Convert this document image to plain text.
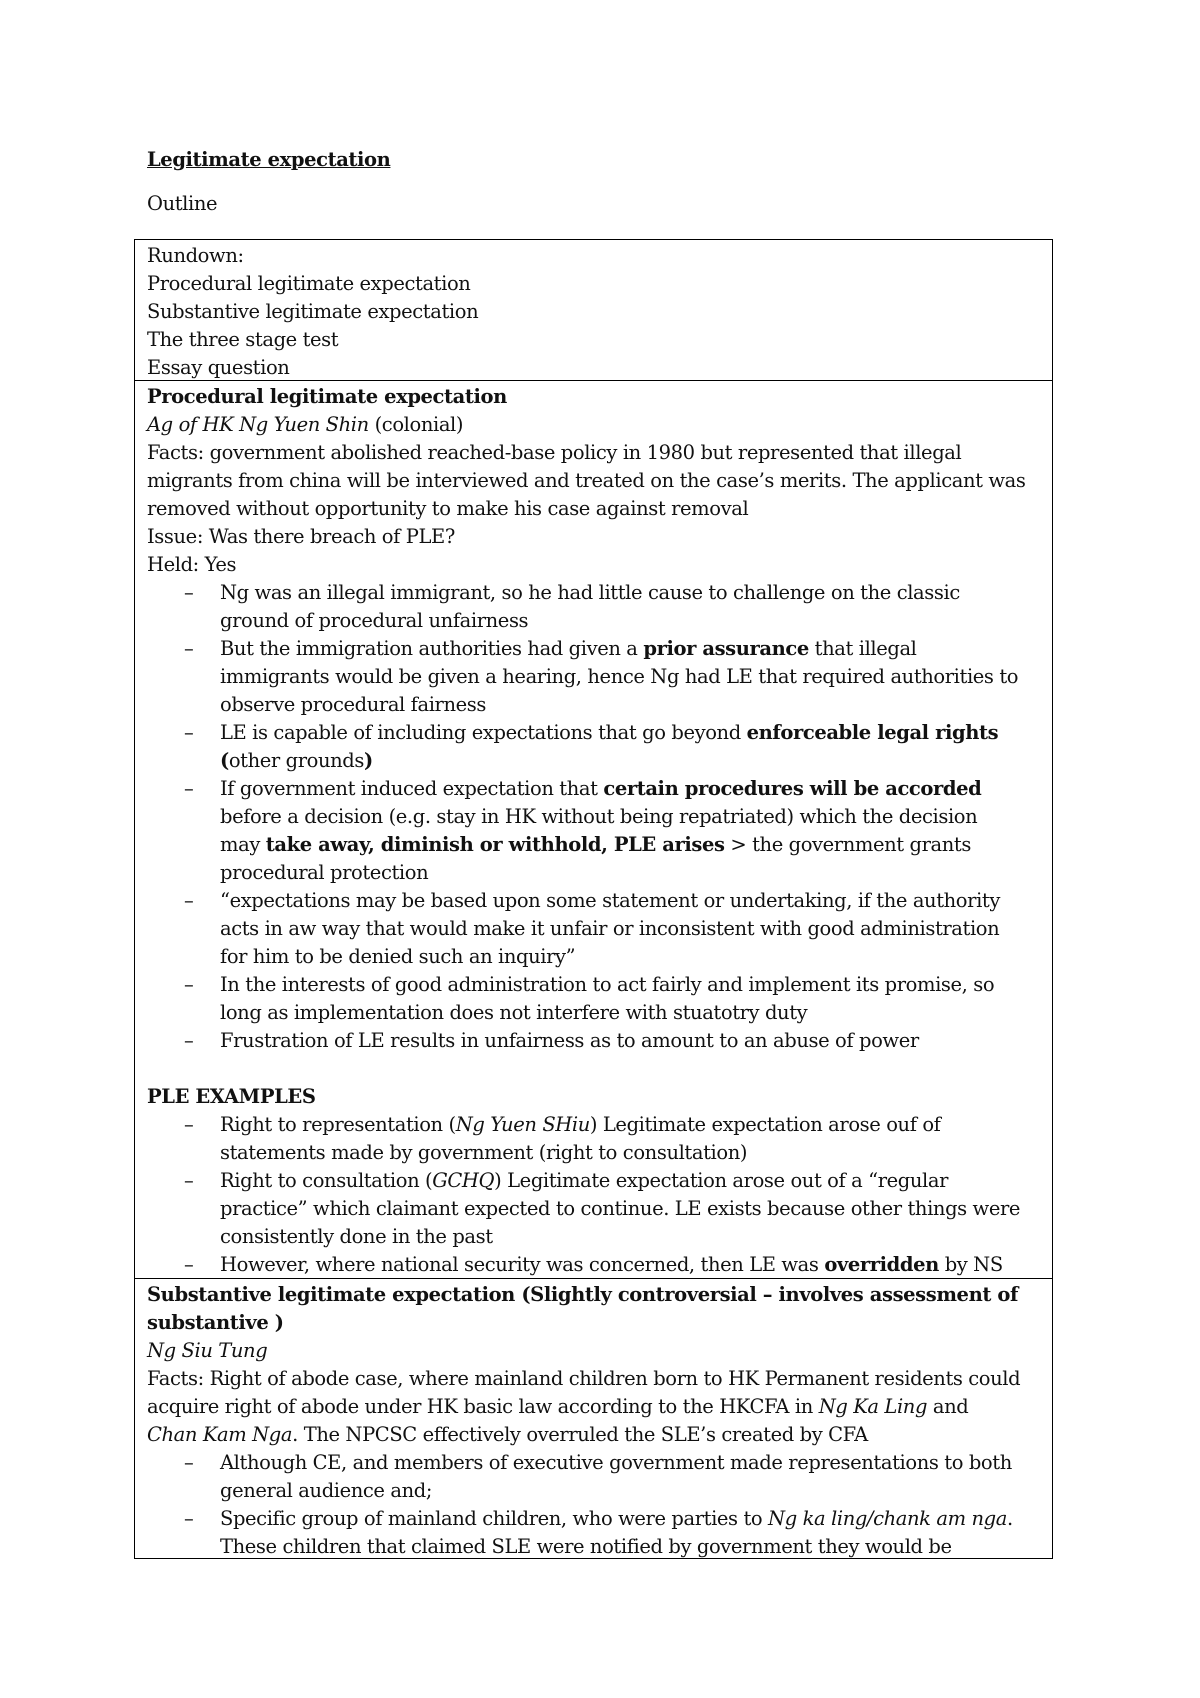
Legitimate expectation
Outline
Rundown:
Procedural legitimate expectation
Substantive legitimate expectation
The three stage test
Essay question
Procedural legitimate expectation
Ag of HK Ng Yuen Shin (colonial)
Facts: government abolished reached-base policy in 1980 but represented that illegal
migrants from china will be interviewed and treated on the case’s merits. The applicant was
removed without opportunity to make his case against removal
Issue: Was there breach of PLE?
Held: Yes
– Ng was an illegal immigrant, so he had little cause to challenge on the classic
ground of procedural unfairness
– But the immigration authorities had given a prior assurance that illegal
immigrants would be given a hearing, hence Ng had LE that required authorities to
observe procedural fairness
– LE is capable of including expectations that go beyond enforceable legal rights
(other grounds)
– If government induced expectation that certain procedures will be accorded
before a decision (e.g. stay in HK without being repatriated) which the decision
may take away, diminish or withhold, PLE arises > the government grants
procedural protection
– “expectations may be based upon some statement or undertaking, if the authority
acts in aw way that would make it unfair or inconsistent with good administration
for him to be denied such an inquiry”
– In the interests of good administration to act fairly and implement its promise, so
long as implementation does not interfere with stuatotry duty
– Frustration of LE results in unfairness as to amount to an abuse of power
PLE EXAMPLES
– Right to representation (Ng Yuen SHiu) Legitimate expectation arose ouf of
statements made by government (right to consultation)
– Right to consultation (GCHQ) Legitimate expectation arose out of a “regular
practice” which claimant expected to continue. LE exists because other things were
consistently done in the past
– However, where national security was concerned, then LE was overridden by NS
Substantive legitimate expectation (Slightly controversial – involves assessment of
substantive )
Ng Siu Tung
Facts: Right of abode case, where mainland children born to HK Permanent residents could
acquire right of abode under HK basic law according to the HKCFA in Ng Ka Ling and
Chan Kam Nga. The NPCSC effectively overruled the SLE’s created by CFA
– Although CE, and members of executive government made representations to both
general audience and;
– Specific group of mainland children, who were parties to Ng ka ling/chank am nga.
These children that claimed SLE were notified by government they would be
